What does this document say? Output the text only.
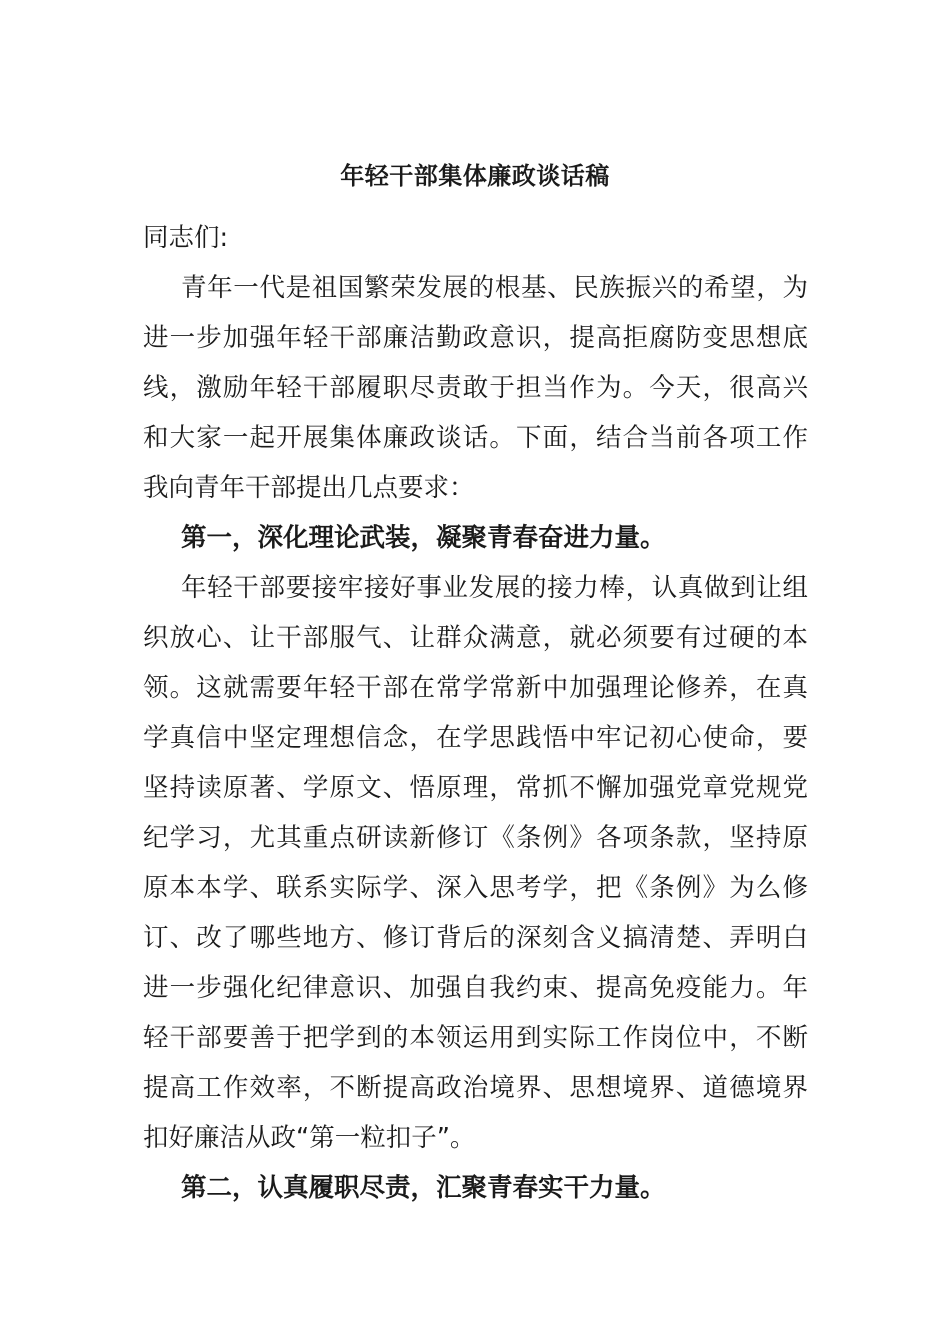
年轻干部集体廉政谈话稿
同志们:
青年一代是祖国繁荣发展的根基、民族振兴的希望，为
进一步加强年轻干部廉洁勤政意识，提高拒腐防变思想底
线，激励年轻干部履职尽责敢于担当作为。今天，很高兴
和大家一起开展集体廉政谈话。下面，结合当前各项工作
我向青年干部提出几点要求：
第一，深化理论武装，凝聚青春奋进力量。
年轻干部要接牢接好事业发展的接力棒，认真做到让组
织放心、让干部服气、让群众满意，就必须要有过硬的本
领。这就需要年轻干部在常学常新中加强理论修养，在真
学真信中坚定理想信念，在学思践悟中牢记初心使命，要
坚持读原著、学原文、悟原理，常抓不懈加强党章党规党
纪学习，尤其重点研读新修订《条例》各项条款，坚持原
原本本学、联系实际学、深入思考学，把《条例》为么修
订、改了哪些地方、修订背后的深刻含义搞清楚、弄明白
进一步强化纪律意识、加强自我约束、提高免疫能力。年
轻干部要善于把学到的本领运用到实际工作岗位中，不断
提高工作效率，不断提高政治境界、思想境界、道德境界
扣好廉洁从政“第一粒扣子”。
第二，认真履职尽责，汇聚青春实干力量。
